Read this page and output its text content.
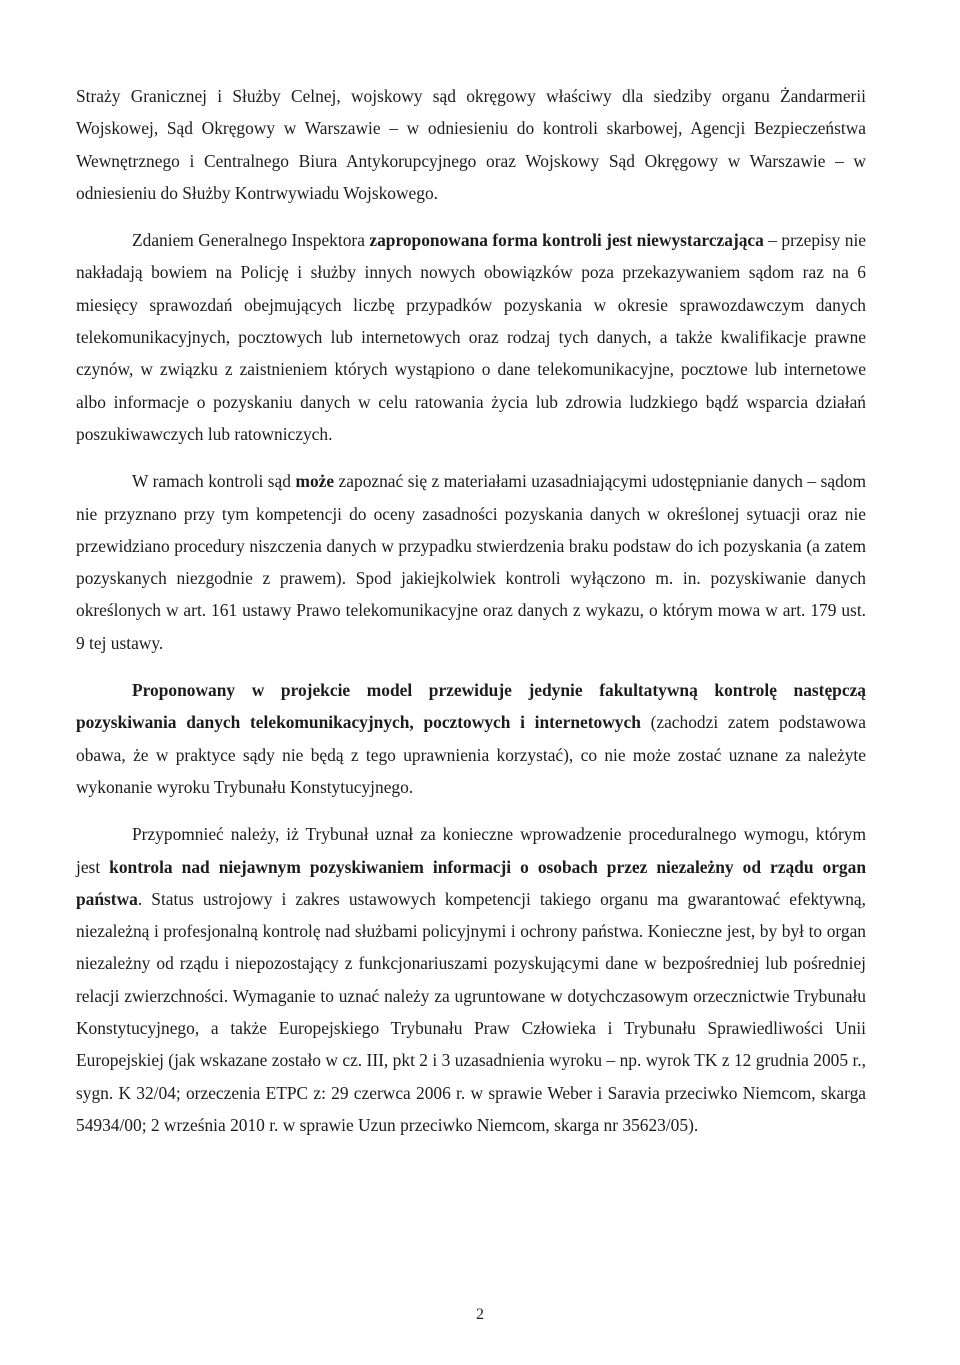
Straży Granicznej i Służby Celnej, wojskowy sąd okręgowy właściwy dla siedziby organu Żandarmerii Wojskowej, Sąd Okręgowy w Warszawie – w odniesieniu do kontroli skarbowej, Agencji Bezpieczeństwa Wewnętrznego i Centralnego Biura Antykorupcyjnego oraz Wojskowy Sąd Okręgowy w Warszawie – w odniesieniu do Służby Kontrwywiadu Wojskowego.

Zdaniem Generalnego Inspektora zaproponowana forma kontroli jest niewystarczająca – przepisy nie nakładają bowiem na Policję i służby innych nowych obowiązków poza przekazywaniem sądom raz na 6 miesięcy sprawozdań obejmujących liczbę przypadków pozyskania w okresie sprawozdawczym danych telekomunikacyjnych, pocztowych lub internetowych oraz rodzaj tych danych, a także kwalifikacje prawne czynów, w związku z zaistnieniem których wystąpiono o dane telekomunikacyjne, pocztowe lub internetowe albo informacje o pozyskaniu danych w celu ratowania życia lub zdrowia ludzkiego bądź wsparcia działań poszukiwawczych lub ratowniczych.

W ramach kontroli sąd może zapoznać się z materiałami uzasadniającymi udostępnianie danych – sądom nie przyznano przy tym kompetencji do oceny zasadności pozyskania danych w określonej sytuacji oraz nie przewidziano procedury niszczenia danych w przypadku stwierdzenia braku podstaw do ich pozyskania (a zatem pozyskanych niezgodnie z prawem). Spod jakiejkolwiek kontroli wyłączono m. in. pozyskiwanie danych określonych w art. 161 ustawy Prawo telekomunikacyjne oraz danych z wykazu, o którym mowa w art. 179 ust. 9 tej ustawy.

Proponowany w projekcie model przewiduje jedynie fakultatywną kontrolę następczą pozyskiwania danych telekomunikacyjnych, pocztowych i internetowych (zachodzi zatem podstawowa obawa, że w praktyce sądy nie będą z tego uprawnienia korzystać), co nie może zostać uznane za należyte wykonanie wyroku Trybunału Konstytucyjnego.

Przypomnieć należy, iż Trybunał uznał za konieczne wprowadzenie proceduralnego wymogu, którym jest kontrola nad niejawnym pozyskiwaniem informacji o osobach przez niezależny od rządu organ państwa. Status ustrojowy i zakres ustawowych kompetencji takiego organu ma gwarantować efektywną, niezależną i profesjonalną kontrolę nad służbami policyjnymi i ochrony państwa. Konieczne jest, by był to organ niezależny od rządu i niepozostający z funkcjonariuszami pozyskującymi dane w bezpośredniej lub pośredniej relacji zwierzchności. Wymaganie to uznać należy za ugruntowane w dotychczasowym orzecznictwie Trybunału Konstytucyjnego, a także Europejskiego Trybunału Praw Człowieka i Trybunału Sprawiedliwości Unii Europejskiej (jak wskazane zostało w cz. III, pkt 2 i 3 uzasadnienia wyroku – np. wyrok TK z 12 grudnia 2005 r., sygn. K 32/04; orzeczenia ETPC z: 29 czerwca 2006 r. w sprawie Weber i Saravia przeciwko Niemcom, skarga 54934/00; 2 września 2010 r. w sprawie Uzun przeciwko Niemcom, skarga nr 35623/05).

2
